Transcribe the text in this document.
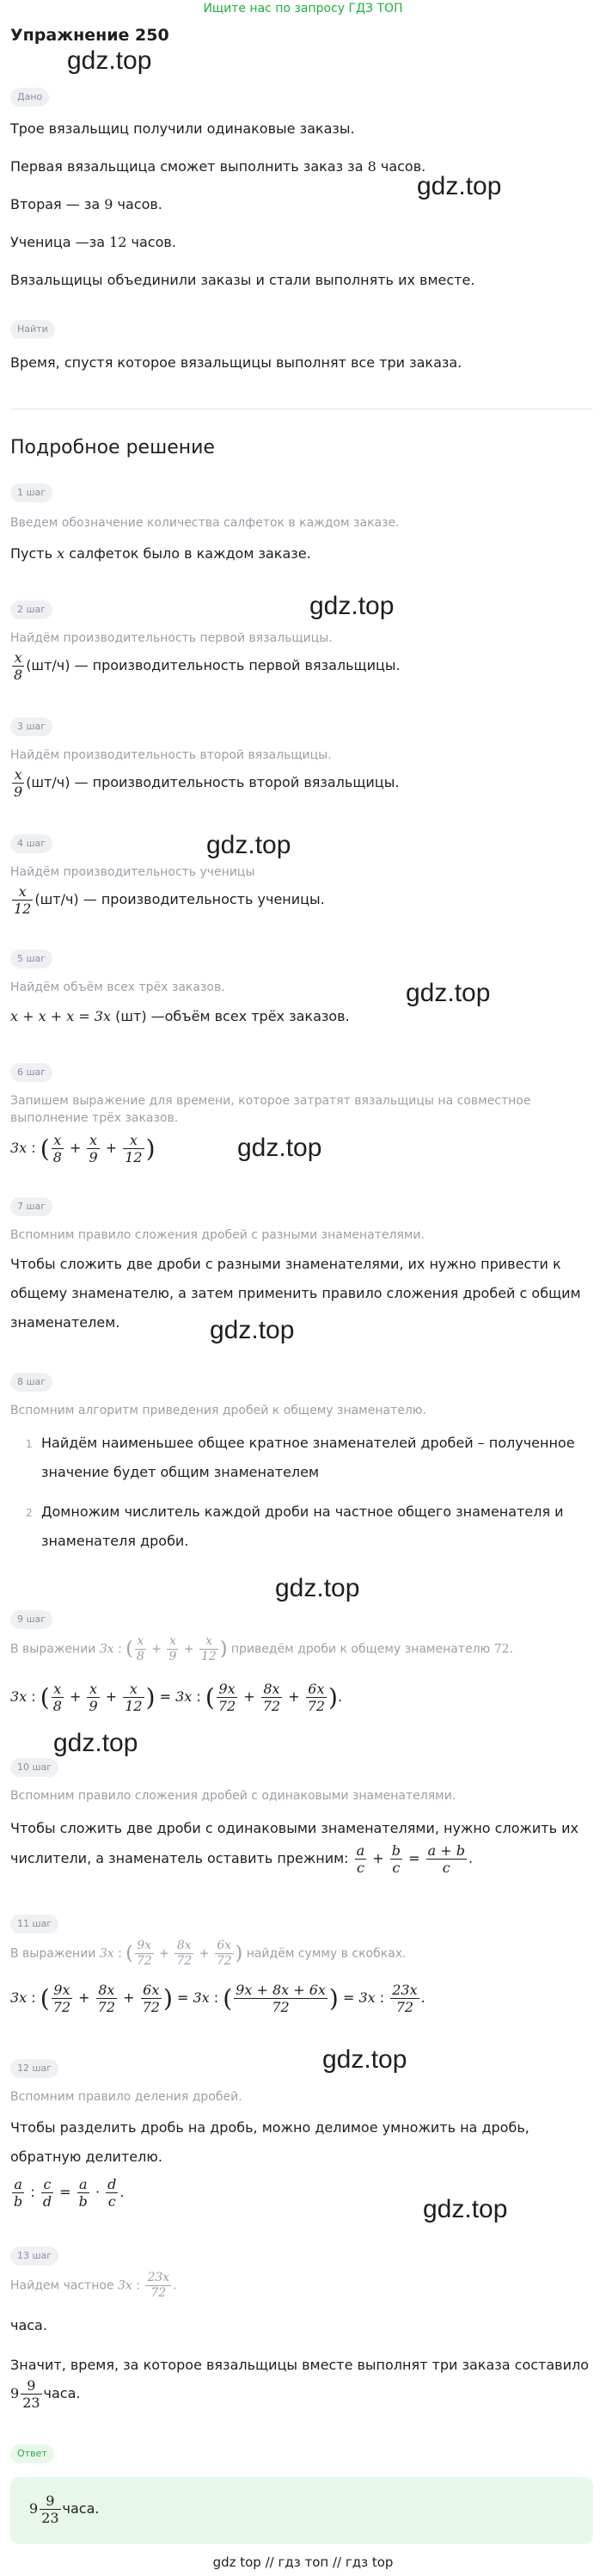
Ищите нас по запросу ГДЗ ТОП
Упражнение 250
gdz.top
gdz.top
gdz.top
gdz.top
gdz.top
gdz.top
gdz.top
gdz.top
gdz.top
gdz.top
gdz.top
Дано
Трое вязальщиц получили одинаковые заказы.
Первая вязальщица сможет выполнить заказ за 8 часов.
Вторая — за 9 часов.
Ученица —за 12 часов.
Вязальщицы объединили заказы и стали выполнять их вместе.
Найти
Время, спустя которое вязальщицы выполнят все три заказа.
Подробное решение
1 шаг
Введем обозначение количества салфеток в каждом заказе.
Пусть x салфеток было в каждом заказе.
2 шаг
Найдём производительность первой вязальщицы.
$\frac{x}{8} (шт/ч)$ — производительность первой вязальщицы.
3 шаг
Найдём производительность второй вязальщицы.
$\frac{x}{9} (шт/ч)$ — производительность второй вязальщицы.
4 шаг
Найдём производительность ученицы
$\frac{x}{12} (шт/ч)$ — производительность ученицы.
5 шаг
Найдём объём всех трёх заказов.
x + x + x = 3x (шт) —объём всех трёх заказов.
6 шаг
Запишем выражение для времени, которое затратят вязальщицы на совместное
выполнение трёх заказов.
3x : ( $\frac{x}{8} + \frac{x}{9} + \frac{x}{12}$ )
7 шаг
Вспомним правило сложения дробей с разными знаменателями.
Чтобы сложить две дроби с разными знаменателями, их нужно привести к
общему знаменателю, а затем применить правило сложения дробей с общим
знаменателем.
8 шаг
Вспомним алгоритм приведения дробей к общему знаменателю.
1 Найдём наименьшее общее кратное знаменателей дробей – полученное
значение будет общим знаменателем
2 Домножим числитель каждой дроби на частное общего знаменателя и
знаменателя дроби.
9 шаг
В выражении 3x : ( $\frac{x}{8} + \frac{x}{9} + \frac{x}{12}$ ) приведём дроби к общему знаменателю 72.
3x : ( $\frac{x}{8} + \frac{x}{9} + \frac{x}{12}$ ) = 3x : ( $\frac{9x}{72} + \frac{8x}{72} + \frac{6x}{72}$ ).
10 шаг
Вспомним правило сложения дробей с одинаковыми знаменателями.
Чтобы сложить две дроби с одинаковыми знаменателями, нужно сложить их
числители, а знаменатель оставить прежним: $\frac{a}{c} + \frac{b}{c} = \frac{a + b}{c}$ .
11 шаг
В выражении 3x : ( $\frac{9x}{72} + \frac{8x}{72} + \frac{6x}{72}$ ) найдём сумму в скобках.
3x : ( $\frac{9x}{72} + \frac{8x}{72} + \frac{6x}{72}$ ) = 3x : ( $\frac{9x + 8x + 6x}{72}$ ) = 3x : $\frac{23x}{72}$ .
12 шаг
Вспомним правило деления дробей.
Чтобы разделить дробь на дробь, можно делимое умножить на дробь,
обратную делителю.
$\frac{a}{b}$ : $\frac{c}{d} = \frac{a}{b} \cdot \frac{d}{c}$ .
13 шаг
Найдем частное 3x : $\frac{23x}{72}$ .
часа.
Значит, время, за которое вязальщицы вместе выполнят три заказа составило
$9 \frac{9}{23}$ часа.
Ответ
$9 \frac{9}{23}$ часа.
gdz top // гдз топ // гдз top
